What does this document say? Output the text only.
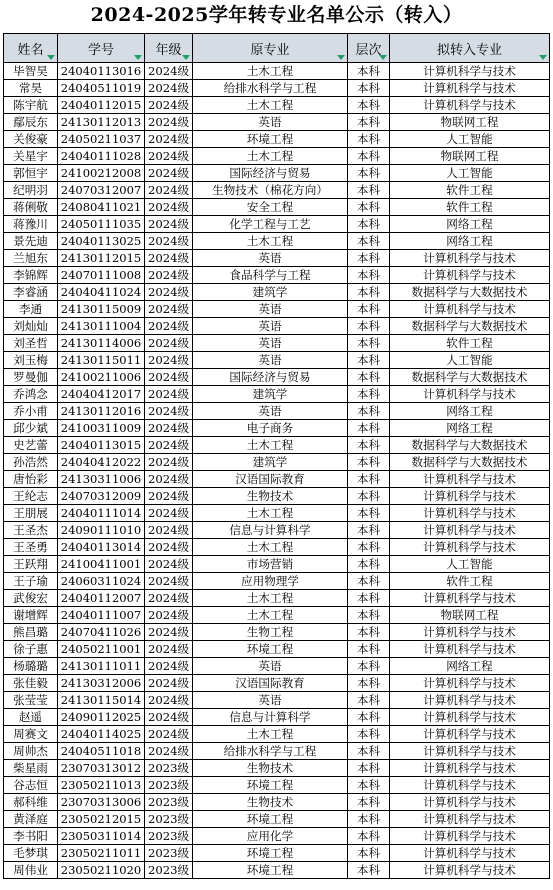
2024-2025学年转专业名单公示（转入）
姓名	学号	年级	原专业	层次	拟转入专业

毕智昊	24040113016	2024级	土木工程	本科	计算机科学与技术
常昊	24040511019	2024级	给排水科学与工程	本科	计算机科学与技术
陈宇航	24040112015	2024级	土木工程	本科	计算机科学与技术
鄢辰东	24130112013	2024级	英语	本科	物联网工程
关俊豪	24050211037	2024级	环境工程	本科	人工智能
关星宇	24040111028	2024级	土木工程	本科	物联网工程
郭恒宇	24100212008	2024级	国际经济与贸易	本科	人工智能
纪明羽	24070312007	2024级	生物技术（棉花方向）	本科	软件工程
蒋俐敬	24080411021	2024级	安全工程	本科	软件工程
蒋豫川	24050111035	2024级	化学工程与工艺	本科	网络工程
景先迪	24040113025	2024级	土木工程	本科	网络工程
兰旭东	24130112015	2024级	英语	本科	计算机科学与技术
李锦辉	24070111008	2024级	食品科学与工程	本科	计算机科学与技术
李睿涵	24040411024	2024级	建筑学	本科	数据科学与大数据技术
李通	24130115009	2024级	英语	本科	计算机科学与技术
刘灿灿	24130111004	2024级	英语	本科	数据科学与大数据技术
刘圣哲	24130114006	2024级	英语	本科	软件工程
刘玉梅	24130115011	2024级	英语	本科	人工智能
罗曼伽	24100211006	2024级	国际经济与贸易	本科	数据科学与大数据技术
乔鸿念	24040412017	2024级	建筑学	本科	计算机科学与技术
乔小甫	24130112016	2024级	英语	本科	网络工程
邱少斌	24100311009	2024级	电子商务	本科	网络工程
史艺蕾	24040113015	2024级	土木工程	本科	数据科学与大数据技术
孙浩然	24040412022	2024级	建筑学	本科	数据科学与大数据技术
唐怡彩	24130311006	2024级	汉语国际教育	本科	计算机科学与技术
王纶志	24070312009	2024级	生物技术	本科	计算机科学与技术
王朋展	24040111014	2024级	土木工程	本科	计算机科学与技术
王圣杰	24090111010	2024级	信息与计算科学	本科	计算机科学与技术
王圣勇	24040113014	2024级	土木工程	本科	计算机科学与技术
王跃翔	24100411001	2024级	市场营销	本科	人工智能
王子瑜	24060311024	2024级	应用物理学	本科	软件工程
武俊宏	24040112007	2024级	土木工程	本科	计算机科学与技术
谢增辉	24040111007	2024级	土木工程	本科	物联网工程
熊昌璐	24070411026	2024级	生物工程	本科	计算机科学与技术
徐子惠	24050211001	2024级	环境工程	本科	计算机科学与技术
杨璐璐	24130111011	2024级	英语	本科	网络工程
张佳毅	24130312006	2024级	汉语国际教育	本科	计算机科学与技术
张莹莹	24130115014	2024级	英语	本科	计算机科学与技术
赵遥	24090112025	2024级	信息与计算科学	本科	计算机科学与技术
周赛文	24040114025	2024级	土木工程	本科	计算机科学与技术
周帅杰	24040511018	2024级	给排水科学与工程	本科	计算机科学与技术
柴星雨	23070313012	2023级	生物技术	本科	计算机科学与技术
谷志恒	23050211013	2023级	环境工程	本科	计算机科学与技术
郝科维	23070313006	2023级	生物技术	本科	计算机科学与技术
黄泽庭	23050212015	2023级	环境工程	本科	计算机科学与技术
李书阳	23050311014	2023级	应用化学	本科	计算机科学与技术
毛梦琪	23050211011	2023级	环境工程	本科	计算机科学与技术
周伟业	23050211020	2023级	环境工程	本科	计算机科学与技术
